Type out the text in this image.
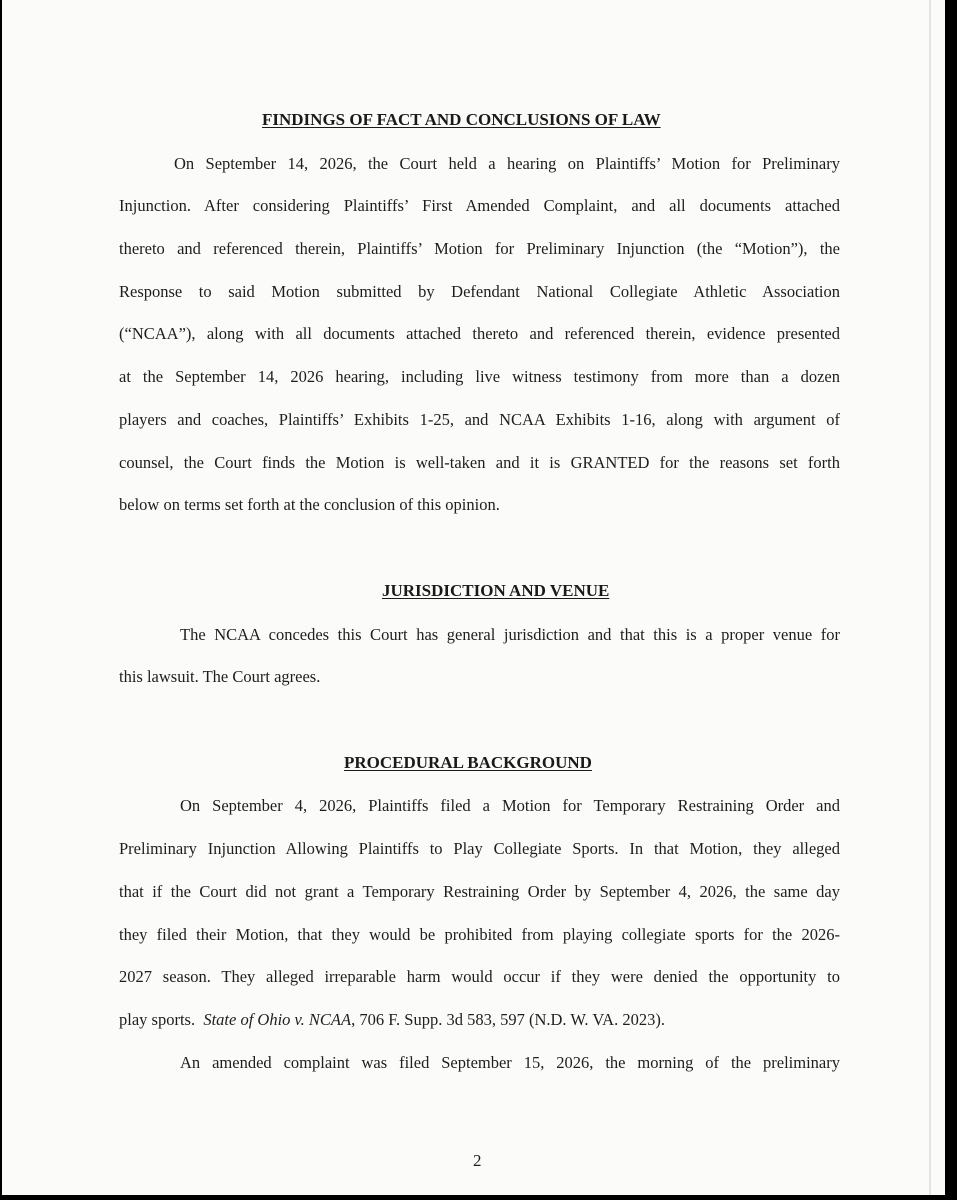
FINDINGS OF FACT AND CONCLUSIONS OF LAW

On September 14, 2026, the Court held a hearing on Plaintiffs’ Motion for Preliminary

Injunction. After considering Plaintiffs’ First Amended Complaint, and all documents attached

thereto and referenced therein, Plaintiffs’ Motion for Preliminary Injunction (the “Motion”), the

Response to said Motion submitted by Defendant National Collegiate Athletic Association

(“NCAA”), along with all documents attached thereto and referenced therein, evidence presented

at the September 14, 2026 hearing, including live witness testimony from more than a dozen

players and coaches, Plaintiffs’ Exhibits 1-25, and NCAA Exhibits 1-16, along with argument of

counsel, the Court finds the Motion is well-taken and it is GRANTED for the reasons set forth

below on terms set forth at the conclusion of this opinion.

JURISDICTION AND VENUE

The NCAA concedes this Court has general jurisdiction and that this is a proper venue for

this lawsuit. The Court agrees.

PROCEDURAL BACKGROUND

On September 4, 2026, Plaintiffs filed a Motion for Temporary Restraining Order and

Preliminary Injunction Allowing Plaintiffs to Play Collegiate Sports. In that Motion, they alleged

that if the Court did not grant a Temporary Restraining Order by September 4, 2026, the same day

they filed their Motion, that they would be prohibited from playing collegiate sports for the 2026-

2027 season. They alleged irreparable harm would occur if they were denied the opportunity to

play sports.  State of Ohio v. NCAA, 706 F. Supp. 3d 583, 597 (N.D. W. VA. 2023).

An amended complaint was filed September 15, 2026, the morning of the preliminary

2
